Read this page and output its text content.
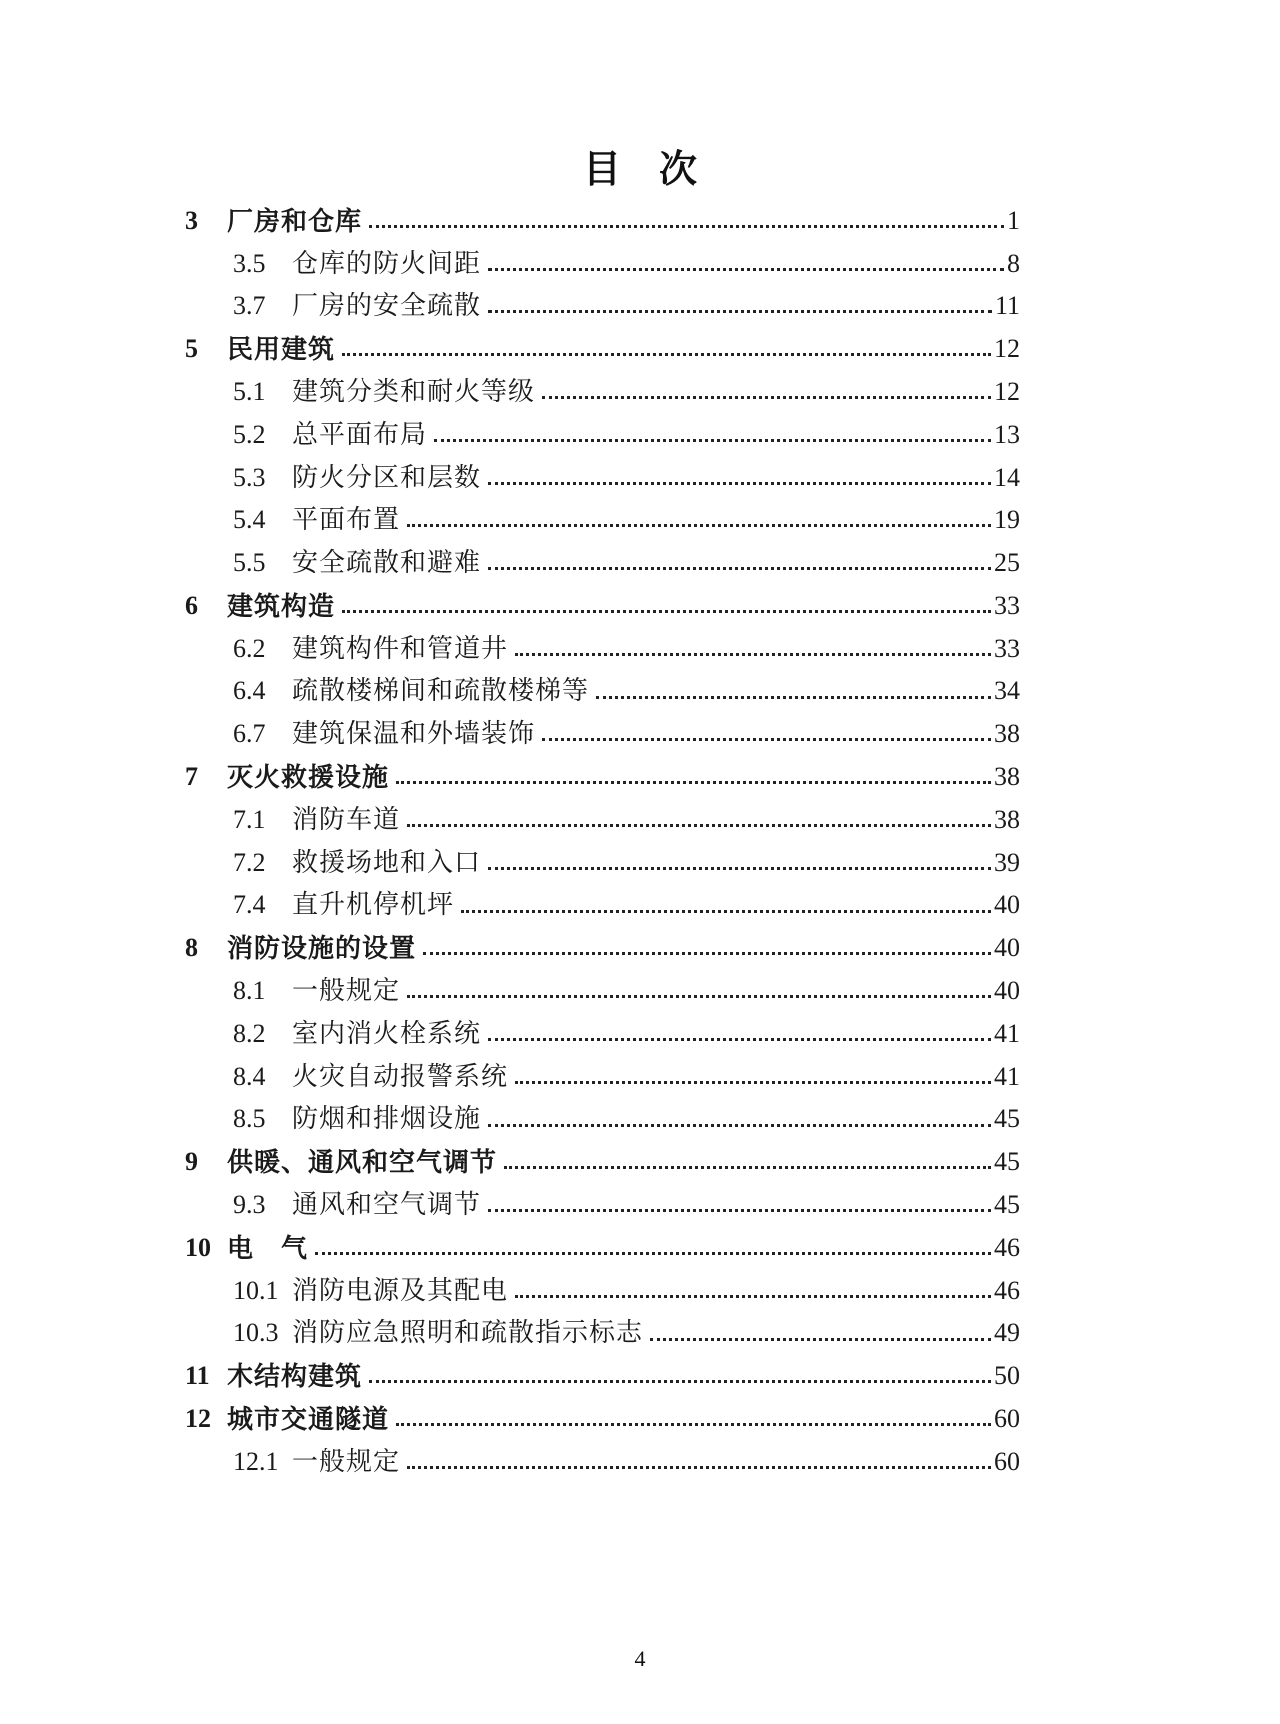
目　次
3	厂房和仓库	1
3.5	仓库的防火间距	8
3.7	厂房的安全疏散	11
5	民用建筑	12
5.1	建筑分类和耐火等级	12
5.2	总平面布局	13
5.3	防火分区和层数	14
5.4	平面布置	19
5.5	安全疏散和避难	25
6	建筑构造	33
6.2	建筑构件和管道井	33
6.4	疏散楼梯间和疏散楼梯等	34
6.7	建筑保温和外墙装饰	38
7	灭火救援设施	38
7.1	消防车道	38
7.2	救援场地和入口	39
7.4	直升机停机坪	40
8	消防设施的设置	40
8.1	一般规定	40
8.2	室内消火栓系统	41
8.4	火灾自动报警系统	41
8.5	防烟和排烟设施	45
9	供暖、通风和空气调节	45
9.3	通风和空气调节	45
10 电　气	46
10.1 消防电源及其配电	46
10.3 消防应急照明和疏散指示标志	49
11 木结构建筑	50
12 城市交通隧道	60
12.1 一般规定	60
4
